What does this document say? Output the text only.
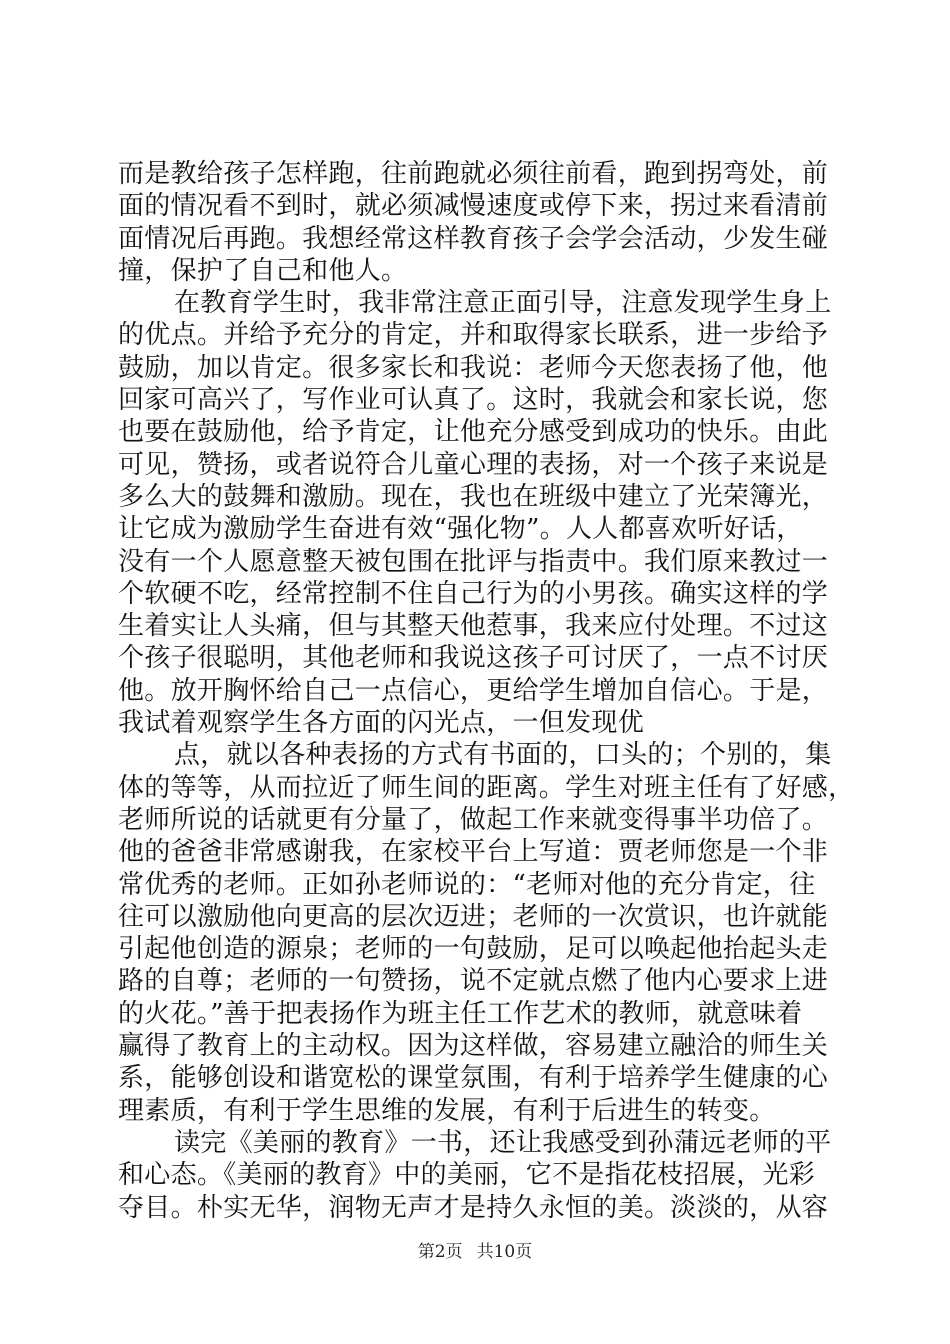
而是教给孩子怎样跑，往前跑就必须往前看，跑到拐弯处，前
面的情况看不到时，就必须减慢速度或停下来，拐过来看清前
面情况后再跑。我想经常这样教育孩子会学会活动，少发生碰
撞，保护了自己和他人。
在教育学生时，我非常注意正面引导，注意发现学生身上
的优点。并给予充分的肯定，并和取得家长联系，进一步给予
鼓励，加以肯定。很多家长和我说：老师今天您表扬了他，他
回家可高兴了，写作业可认真了。这时，我就会和家长说，您
也要在鼓励他，给予肯定，让他充分感受到成功的快乐。由此
可见，赞扬，或者说符合儿童心理的表扬，对一个孩子来说是
多么大的鼓舞和激励。现在，我也在班级中建立了光荣簿光，
让它成为激励学生奋进有效“强化物”。人人都喜欢听好话，
没有一个人愿意整天被包围在批评与指责中。我们原来教过一
个软硬不吃，经常控制不住自己行为的小男孩。确实这样的学
生着实让人头痛，但与其整天他惹事，我来应付处理。不过这
个孩子很聪明，其他老师和我说这孩子可讨厌了，一点不讨厌
他。放开胸怀给自己一点信心，更给学生增加自信心。于是，
我试着观察学生各方面的闪光点，一但发现优
点，就以各种表扬的方式有书面的，口头的；个别的，集
体的等等，从而拉近了师生间的距离。学生对班主任有了好感，
老师所说的话就更有分量了，做起工作来就变得事半功倍了。
他的爸爸非常感谢我，在家校平台上写道：贾老师您是一个非
常优秀的老师。正如孙老师说的：“老师对他的充分肯定，往
往可以激励他向更高的层次迈进；老师的一次赏识，也许就能
引起他创造的源泉；老师的一句鼓励，足可以唤起他抬起头走
路的自尊；老师的一句赞扬，说不定就点燃了他内心要求上进
的火花。”善于把表扬作为班主任工作艺术的教师，就意味着
赢得了教育上的主动权。因为这样做，容易建立融洽的师生关
系，能够创设和谐宽松的课堂氛围，有利于培养学生健康的心
理素质，有利于学生思维的发展，有利于后进生的转变。
读完《美丽的教育》一书，还让我感受到孙蒲远老师的平
和心态。《美丽的教育》中的美丽，它不是指花枝招展，光彩
夺目。朴实无华，润物无声才是持久永恒的美。淡淡的，从容
第2页 共10页
